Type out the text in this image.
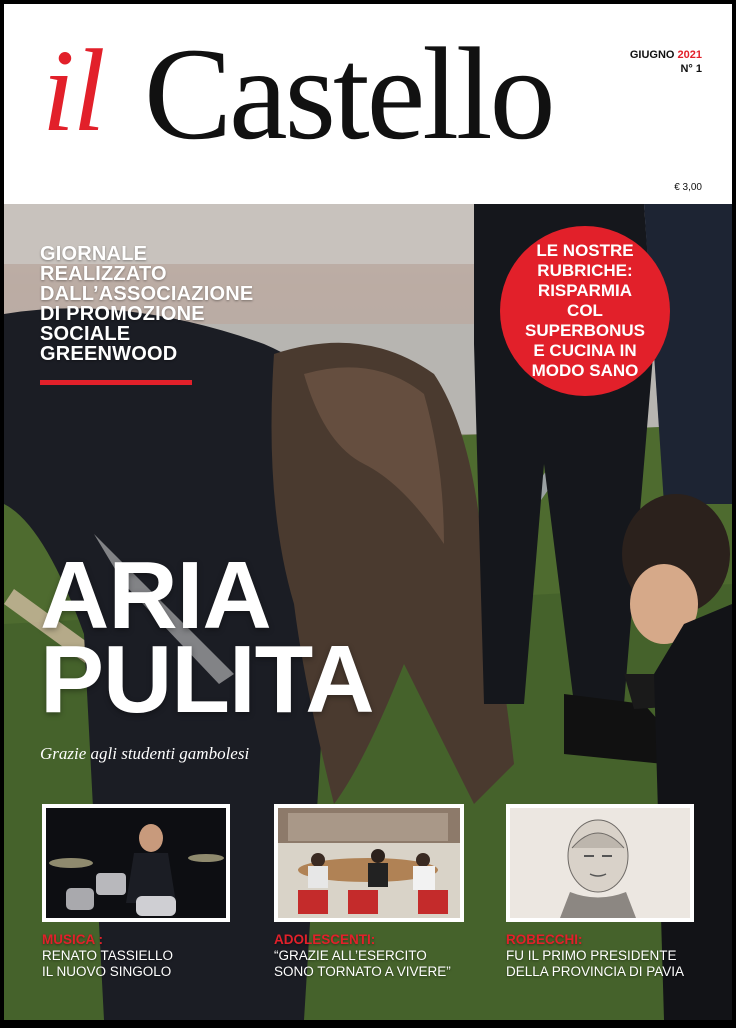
il Castello	GIUGNO 2021
N° 1
€ 3,00
GIORNALE
REALIZZATO
DALL’ASSOCIAZIONE
DI PROMOZIONE
SOCIALE
GREENWOOD
LE NOSTRE
RUBRICHE:
RISPARMIA COL
SUPERBONUS
E CUCINA IN
MODO SANO
ARIA
PULITA
Grazie agli studenti gambolesi
MUSICA :
RENATO TASSIELLO
IL NUOVO SINGOLO
ADOLESCENTI:
“GRAZIE ALL’ESERCITO
SONO TORNATO A VIVERE”
ROBECCHI:
FU IL PRIMO PRESIDENTE
DELLA PROVINCIA DI PAVIA
